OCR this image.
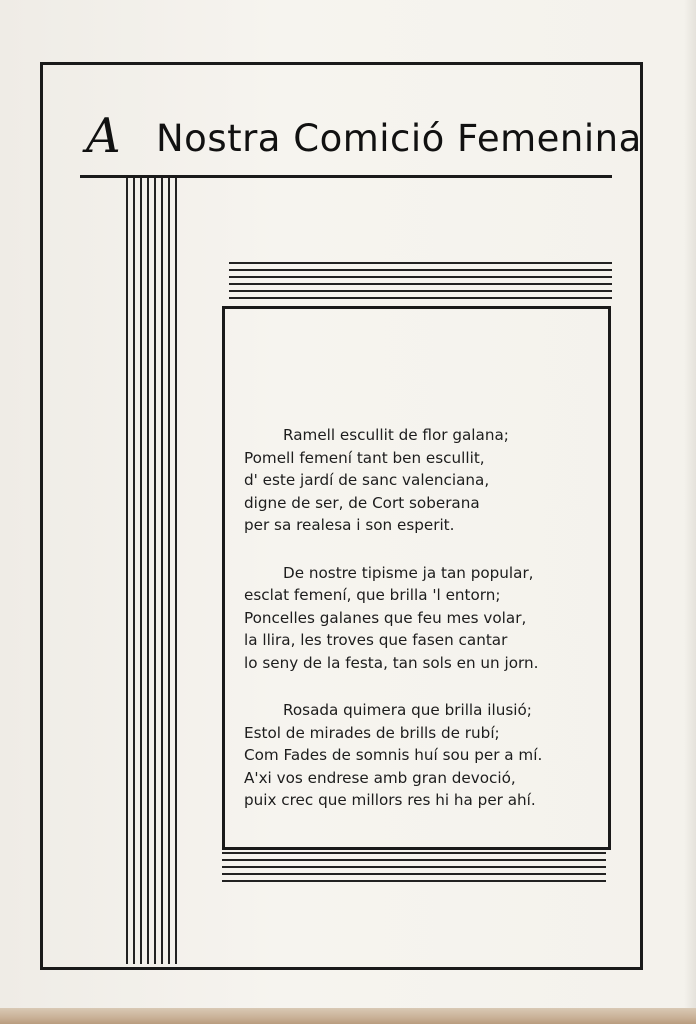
A Nostra Comició Femenina
Ramell escullit de flor galana;
Pomell femení tant ben escullit,
d' este jardí de sanc valenciana,
digne de ser, de Cort soberana
per sa realesa i son esperit.
De nostre tipisme ja tan popular,
esclat femení, que brilla 'l entorn;
Poncelles galanes que feu mes volar,
la llira, les troves que fasen cantar
lo seny de la festa, tan sols en un jorn.
Rosada quimera que brilla ilusió;
Estol de mirades de brills de rubí;
Com Fades de somnis huí sou per a mí.
A'xi vos endrese amb gran devoció,
puix crec que millors res hi ha per ahí.
